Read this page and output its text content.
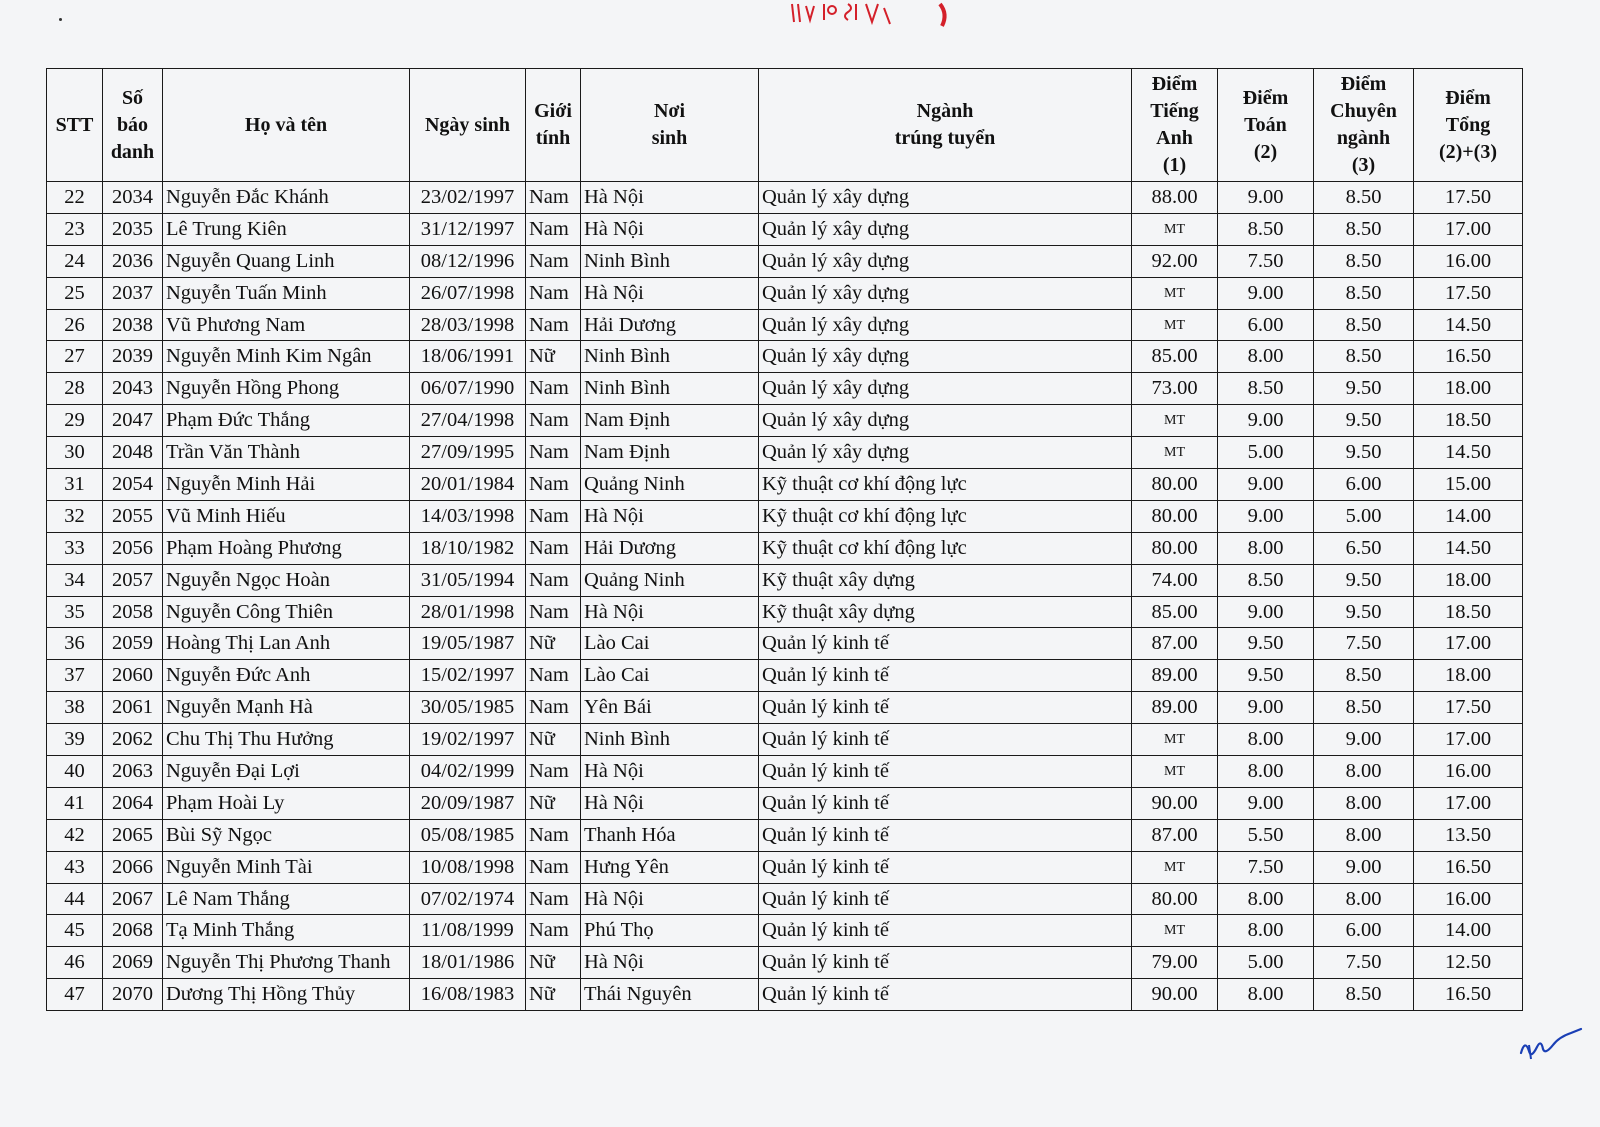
STT	Số
báo
danh	Họ và tên	Ngày sinh	Giới
tính	Nơi
sinh	Ngành
trúng tuyển	Điểm
Tiếng
Anh
(1)	Điểm
Toán
(2)	Điểm
Chuyên
ngành
(3)	Điểm
Tổng
(2)+(3)
22	2034	Nguyễn Đắc Khánh	23/02/1997	Nam	Hà Nội	Quản lý xây dựng	88.00	9.00	8.50	17.50
23	2035	Lê Trung Kiên	31/12/1997	Nam	Hà Nội	Quản lý xây dựng	MT	8.50	8.50	17.00
24	2036	Nguyễn Quang Linh	08/12/1996	Nam	Ninh Bình	Quản lý xây dựng	92.00	7.50	8.50	16.00
25	2037	Nguyễn Tuấn Minh	26/07/1998	Nam	Hà Nội	Quản lý xây dựng	MT	9.00	8.50	17.50
26	2038	Vũ Phương Nam	28/03/1998	Nam	Hải Dương	Quản lý xây dựng	MT	6.00	8.50	14.50
27	2039	Nguyễn Minh Kim Ngân	18/06/1991	Nữ	Ninh Bình	Quản lý xây dựng	85.00	8.00	8.50	16.50
28	2043	Nguyễn Hồng Phong	06/07/1990	Nam	Ninh Bình	Quản lý xây dựng	73.00	8.50	9.50	18.00
29	2047	Phạm Đức Thắng	27/04/1998	Nam	Nam Định	Quản lý xây dựng	MT	9.00	9.50	18.50
30	2048	Trần Văn Thành	27/09/1995	Nam	Nam Định	Quản lý xây dựng	MT	5.00	9.50	14.50
31	2054	Nguyễn Minh Hải	20/01/1984	Nam	Quảng Ninh	Kỹ thuật cơ khí động lực	80.00	9.00	6.00	15.00
32	2055	Vũ Minh Hiếu	14/03/1998	Nam	Hà Nội	Kỹ thuật cơ khí động lực	80.00	9.00	5.00	14.00
33	2056	Phạm Hoàng Phương	18/10/1982	Nam	Hải Dương	Kỹ thuật cơ khí động lực	80.00	8.00	6.50	14.50
34	2057	Nguyễn Ngọc Hoàn	31/05/1994	Nam	Quảng Ninh	Kỹ thuật xây dựng	74.00	8.50	9.50	18.00
35	2058	Nguyễn Công Thiên	28/01/1998	Nam	Hà Nội	Kỹ thuật xây dựng	85.00	9.00	9.50	18.50
36	2059	Hoàng Thị Lan Anh	19/05/1987	Nữ	Lào Cai	Quản lý kinh tế	87.00	9.50	7.50	17.00
37	2060	Nguyễn Đức Anh	15/02/1997	Nam	Lào Cai	Quản lý kinh tế	89.00	9.50	8.50	18.00
38	2061	Nguyễn Mạnh Hà	30/05/1985	Nam	Yên Bái	Quản lý kinh tế	89.00	9.00	8.50	17.50
39	2062	Chu Thị Thu Hưởng	19/02/1997	Nữ	Ninh Bình	Quản lý kinh tế	MT	8.00	9.00	17.00
40	2063	Nguyễn Đại Lợi	04/02/1999	Nam	Hà Nội	Quản lý kinh tế	MT	8.00	8.00	16.00
41	2064	Phạm Hoài Ly	20/09/1987	Nữ	Hà Nội	Quản lý kinh tế	90.00	9.00	8.00	17.00
42	2065	Bùi Sỹ Ngọc	05/08/1985	Nam	Thanh Hóa	Quản lý kinh tế	87.00	5.50	8.00	13.50
43	2066	Nguyễn Minh Tài	10/08/1998	Nam	Hưng Yên	Quản lý kinh tế	MT	7.50	9.00	16.50
44	2067	Lê Nam Thắng	07/02/1974	Nam	Hà Nội	Quản lý kinh tế	80.00	8.00	8.00	16.00
45	2068	Tạ Minh Thắng	11/08/1999	Nam	Phú Thọ	Quản lý kinh tế	MT	8.00	6.00	14.00
46	2069	Nguyễn Thị Phương Thanh	18/01/1986	Nữ	Hà Nội	Quản lý kinh tế	79.00	5.00	7.50	12.50
47	2070	Dương Thị Hồng Thủy	16/08/1983	Nữ	Thái Nguyên	Quản lý kinh tế	90.00	8.00	8.50	16.50
